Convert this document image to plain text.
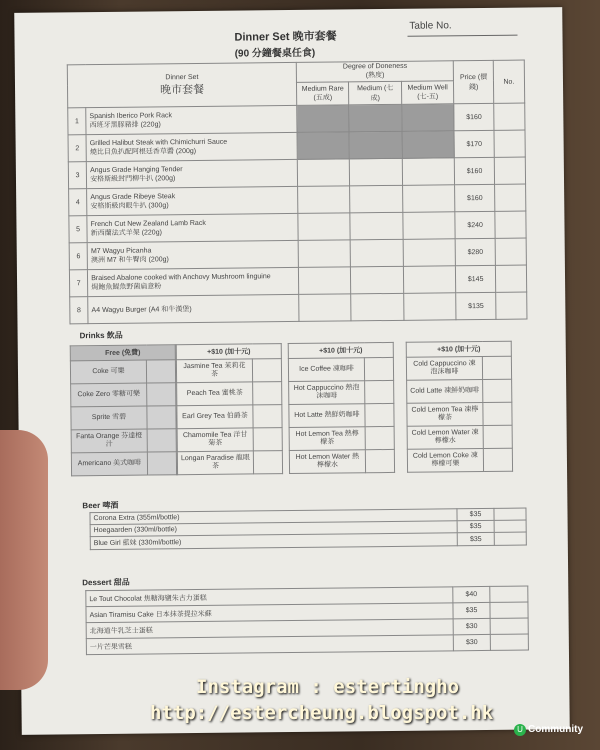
Dinner Set 晚市套餐
(90 分鐘餐桌任食)
Table No.
Dinner Set
晚市套餐		Degree of Doneness
(熟度)			Price (價錢)	No.
		Medium Rare (五成)	Medium (七成)	Medium Well (七-五)		
1	Spanish Iberico Pork Rack
西班牙黑豚豬排 (220g)				$160	
2	Grilled Halibut Steak with Chimichurri Sauce
燒比目魚扒配阿根廷香草醬 (200g)				$170	
3	Angus Grade Hanging Tender
安格斯級封門柳牛扒 (200g)				$160	
4	Angus Grade Ribeye Steak
安格斯級肉眼牛扒 (300g)				$160	
5	French Cut New Zealand Lamb Rack
新西蘭法式羊架 (220g)				$240	
6	M7 Wagyu Picanha
澳洲 M7 和牛臀肉 (200g)				$280	
7	Braised Abalone cooked with Anchovy Mushroom linguine
焗鮑魚鯷魚野菌扁意粉				$145	
8	A4 Wagyu Burger (A4 和牛漢堡)				$135	
Drinks 飲品
Free (免費)	
Coke 可樂	
Coke Zero 零糖可樂	
Sprite 雪碧	
Fanta Orange 芬達橙汁	
Americano 美式咖啡	
+$10 (加十元)	
Jasmine Tea 茉莉花茶	
Peach Tea 蜜桃茶	
Earl Grey Tea 伯爵茶	
Chamomile Tea 洋甘菊茶	
Longan Paradise 龍眼茶	
+$10 (加十元)	
Ice Coffee 凍咖啡	
Hot Cappuccino 熱泡沫咖啡	
Hot Latte 熱鮮奶咖啡	
Hot Lemon Tea 熱檸檬茶	
Hot Lemon Water 熱檸檬水	
+$10 (加十元)	
Cold Cappuccino 凍泡沫咖啡	
Cold Latte 凍鮮奶咖啡	
Cold Lemon Tea 凍檸檬茶	
Cold Lemon Water 凍檸檬水	
Cold Lemon Coke 凍檸檬可樂	
Beer 啤酒
Corona Extra (355ml/bottle)	$35	
Hoegaarden (330ml/bottle)	$35	
Blue Girl 藍妹 (330ml/bottle)	$35	
Dessert 甜品
Le Tout Chocolat 焦糖海鹽朱古力蛋糕	$40	
Asian Tiramisu Cake 日本抹茶提拉米蘇	$35	
北海道牛乳芝士蛋糕	$30	
一片芒果雪糕	$30	
Instagram : estertingho
http://estercheung.blogspot.hk
U Community
